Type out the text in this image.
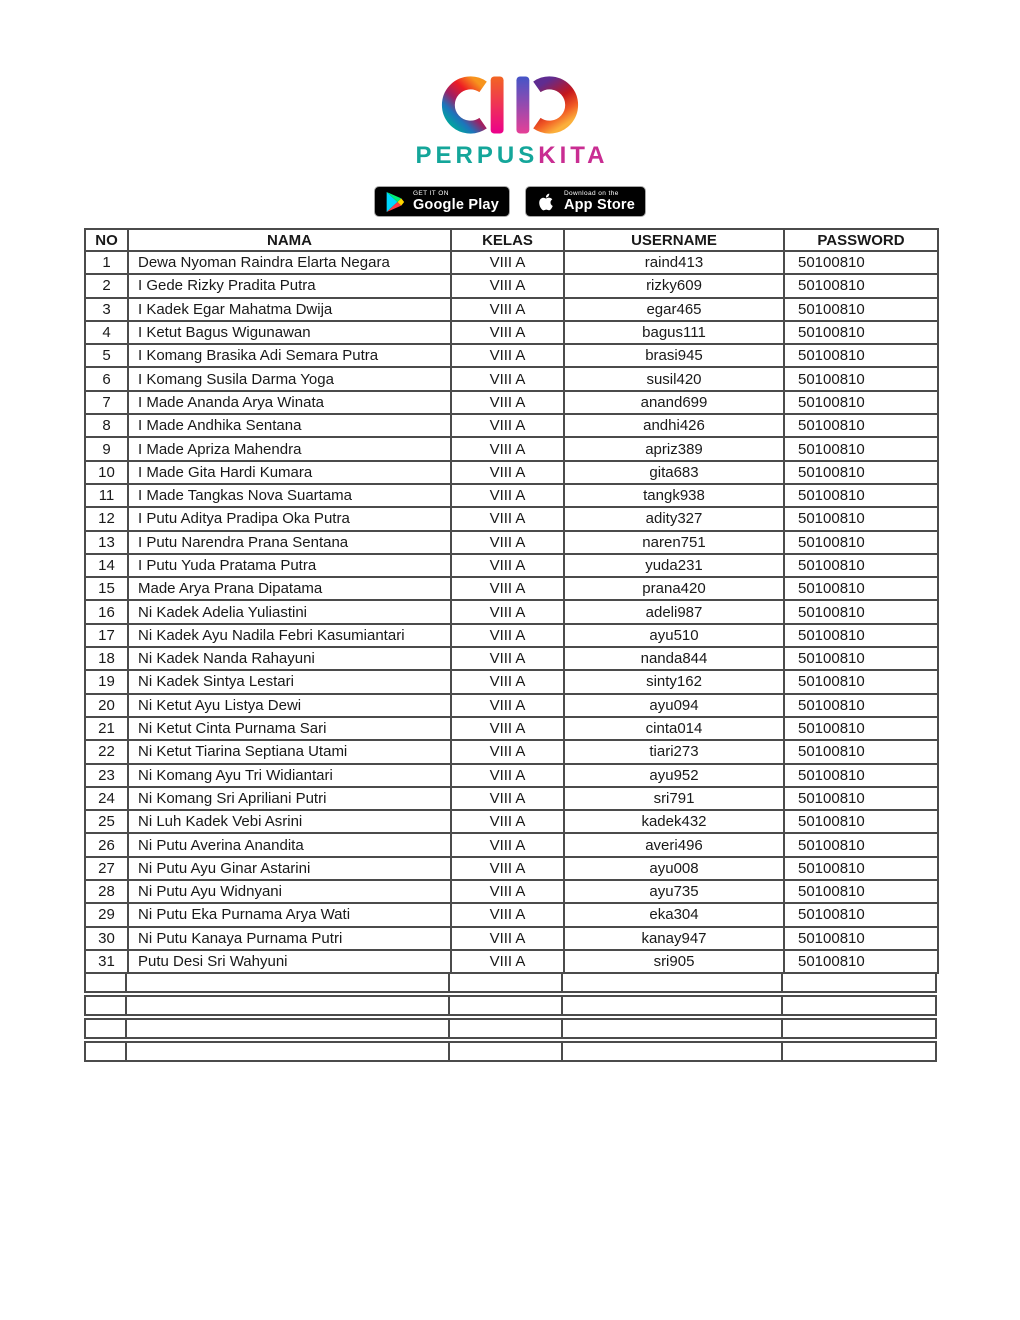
PERPUSKITA
GET IT ON
Google Play
Download on the
App Store
NO	NAMA	KELAS	USERNAME	PASSWORD
1	Dewa Nyoman Raindra Elarta Negara	VIII A	raind413	50100810
2	I Gede Rizky Pradita Putra	VIII A	rizky609	50100810
3	I Kadek Egar Mahatma Dwija	VIII A	egar465	50100810
4	I Ketut Bagus Wigunawan	VIII A	bagus111	50100810
5	I Komang Brasika Adi Semara Putra	VIII A	brasi945	50100810
6	I Komang Susila Darma Yoga	VIII A	susil420	50100810
7	I Made Ananda Arya Winata	VIII A	anand699	50100810
8	I Made Andhika Sentana	VIII A	andhi426	50100810
9	I Made Apriza Mahendra	VIII A	apriz389	50100810
10	I Made Gita Hardi Kumara	VIII A	gita683	50100810
11	I Made Tangkas Nova Suartama	VIII A	tangk938	50100810
12	I Putu Aditya Pradipa Oka Putra	VIII A	adity327	50100810
13	I Putu Narendra Prana Sentana	VIII A	naren751	50100810
14	I Putu Yuda Pratama Putra	VIII A	yuda231	50100810
15	Made Arya Prana Dipatama	VIII A	prana420	50100810
16	Ni Kadek Adelia Yuliastini	VIII A	adeli987	50100810
17	Ni Kadek Ayu Nadila Febri Kasumiantari	VIII A	ayu510	50100810
18	Ni Kadek Nanda Rahayuni	VIII A	nanda844	50100810
19	Ni Kadek Sintya Lestari	VIII A	sinty162	50100810
20	Ni Ketut Ayu Listya Dewi	VIII A	ayu094	50100810
21	Ni Ketut Cinta Purnama Sari	VIII A	cinta014	50100810
22	Ni Ketut Tiarina Septiana Utami	VIII A	tiari273	50100810
23	Ni Komang Ayu Tri Widiantari	VIII A	ayu952	50100810
24	Ni Komang Sri Apriliani Putri	VIII A	sri791	50100810
25	Ni Luh Kadek Vebi Asrini	VIII A	kadek432	50100810
26	Ni Putu Averina Anandita	VIII A	averi496	50100810
27	Ni Putu Ayu Ginar Astarini	VIII A	ayu008	50100810
28	Ni Putu Ayu Widnyani	VIII A	ayu735	50100810
29	Ni Putu Eka Purnama Arya Wati	VIII A	eka304	50100810
30	Ni Putu Kanaya Purnama Putri	VIII A	kanay947	50100810
31	Putu Desi Sri Wahyuni	VIII A	sri905	50100810
